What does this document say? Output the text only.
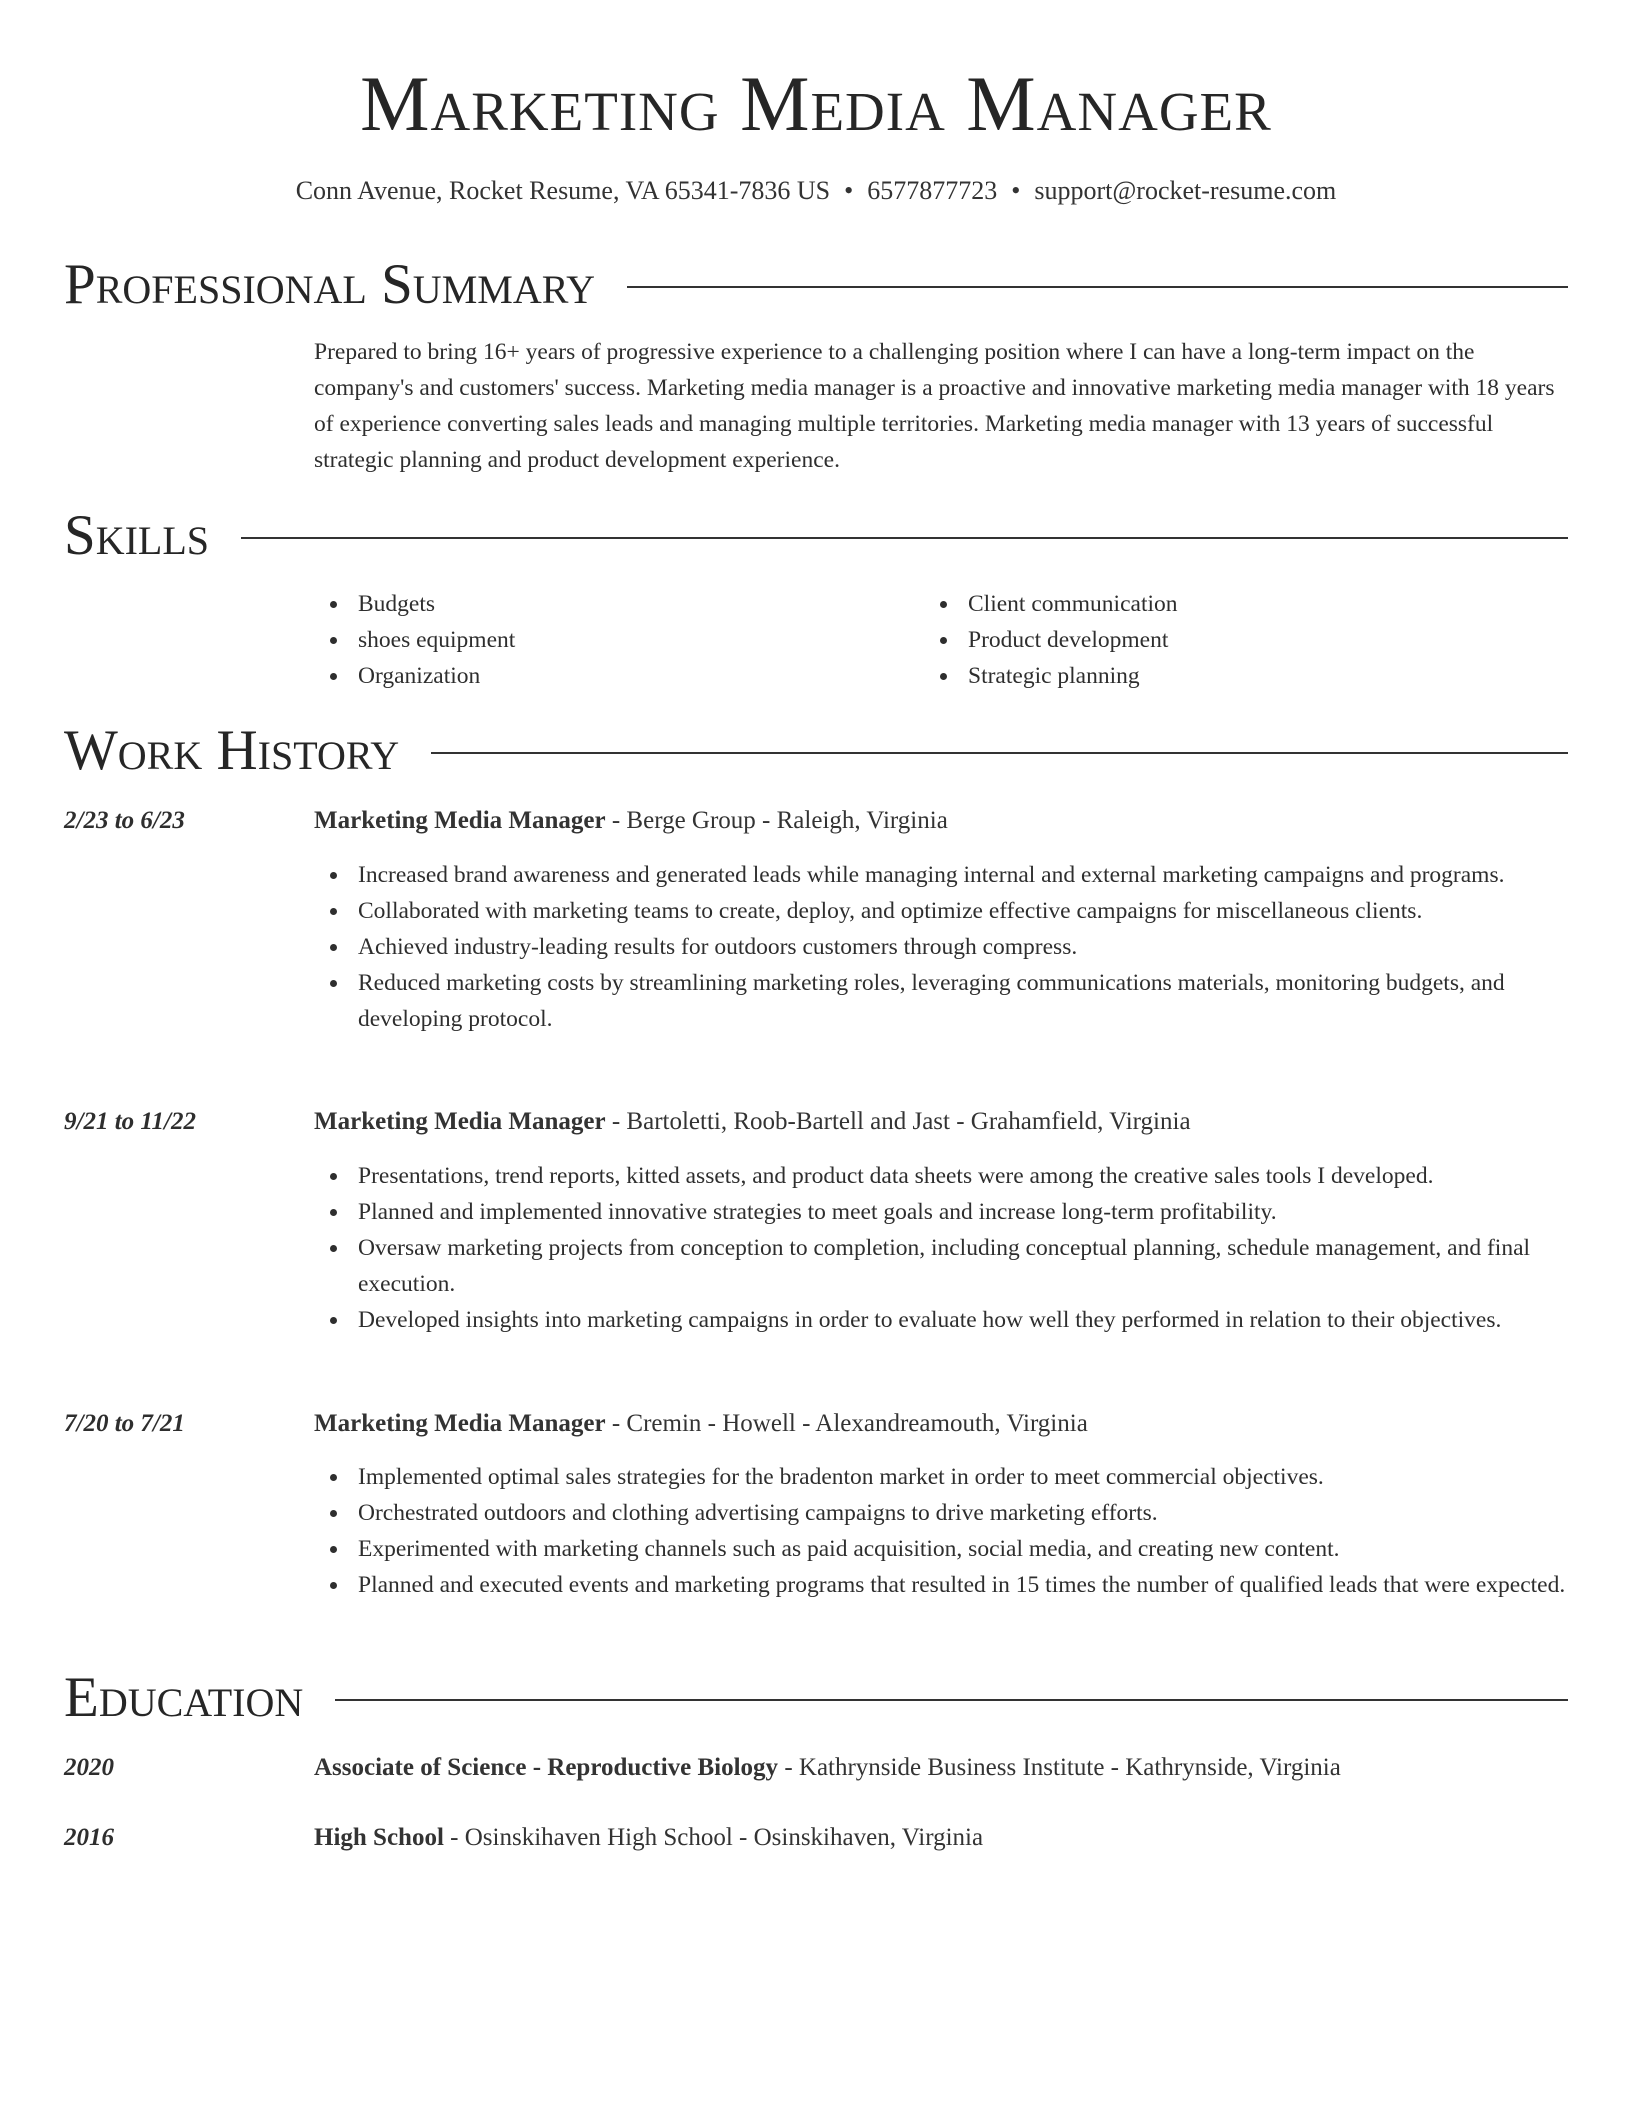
Marketing Media Manager
Conn Avenue, Rocket Resume, VA 65341-7836 US • 6577877723 • support@rocket-resume.com
Professional Summary
Prepared to bring 16+ years of progressive experience to a challenging position where I can have a long-term impact on the company's and customers' success. Marketing media manager is a proactive and innovative marketing media manager with 18 years of experience converting sales leads and managing multiple territories. Marketing media manager with 13 years of successful strategic planning and product development experience.
Skills
Budgets
shoes equipment
Organization
Client communication
Product development
Strategic planning
Work History
2/23 to 6/23	Marketing Media Manager - Berge Group - Raleigh, Virginia
Increased brand awareness and generated leads while managing internal and external marketing campaigns and programs.
Collaborated with marketing teams to create, deploy, and optimize effective campaigns for miscellaneous clients.
Achieved industry-leading results for outdoors customers through compress.
Reduced marketing costs by streamlining marketing roles, leveraging communications materials, monitoring budgets, and developing protocol.
9/21 to 11/22	Marketing Media Manager - Bartoletti, Roob-Bartell and Jast - Grahamfield, Virginia
Presentations, trend reports, kitted assets, and product data sheets were among the creative sales tools I developed.
Planned and implemented innovative strategies to meet goals and increase long-term profitability.
Oversaw marketing projects from conception to completion, including conceptual planning, schedule management, and final execution.
Developed insights into marketing campaigns in order to evaluate how well they performed in relation to their objectives.
7/20 to 7/21	Marketing Media Manager - Cremin - Howell - Alexandreamouth, Virginia
Implemented optimal sales strategies for the bradenton market in order to meet commercial objectives.
Orchestrated outdoors and clothing advertising campaigns to drive marketing efforts.
Experimented with marketing channels such as paid acquisition, social media, and creating new content.
Planned and executed events and marketing programs that resulted in 15 times the number of qualified leads that were expected.
Education
2020	Associate of Science - Reproductive Biology - Kathrynside Business Institute - Kathrynside, Virginia
2016	High School - Osinskihaven High School - Osinskihaven, Virginia
